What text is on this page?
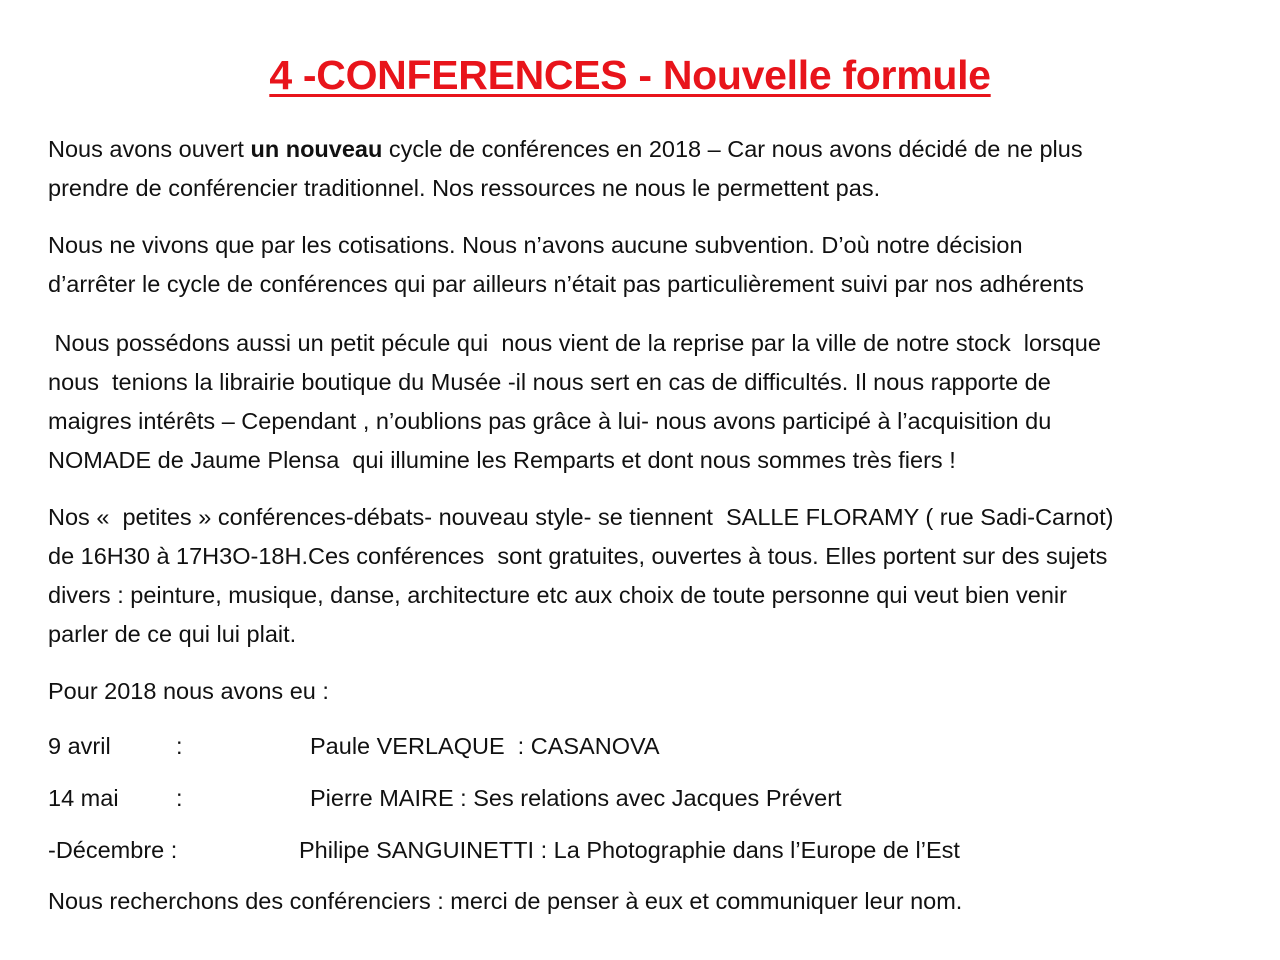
4 -CONFERENCES - Nouvelle formule
Nous avons ouvert un nouveau cycle de conférences en 2018 – Car nous avons décidé de ne plus
prendre de conférencier traditionnel. Nos ressources ne nous le permettent pas.
Nous ne vivons que par les cotisations. Nous n’avons aucune subvention. D’où notre décision
d’arrêter le cycle de conférences qui par ailleurs n’était pas particulièrement suivi par nos adhérents
Nous possédons aussi un petit pécule qui  nous vient de la reprise par la ville de notre stock  lorsque
nous  tenions la librairie boutique du Musée -il nous sert en cas de difficultés. Il nous rapporte de
maigres intérêts – Cependant , n’oublions pas grâce à lui- nous avons participé à l’acquisition du
NOMADE de Jaume Plensa  qui illumine les Remparts et dont nous sommes très fiers !
Nos «  petites » conférences-débats- nouveau style- se tiennent  SALLE FLORAMY ( rue Sadi-Carnot)
de 16H30 à 17H3O-18H.Ces conférences  sont gratuites, ouvertes à tous. Elles portent sur des sujets
divers : peinture, musique, danse, architecture etc aux choix de toute personne qui veut bien venir
parler de ce qui lui plait.
Pour 2018 nous avons eu :
9 avril	:	Paule VERLAQUE  : CASANOVA
14 mai :	Pierre MAIRE : Ses relations avec Jacques Prévert
-Décembre :	Philipe SANGUINETTI : La Photographie dans l’Europe de l’Est
Nous recherchons des conférenciers : merci de penser à eux et communiquer leur nom.
